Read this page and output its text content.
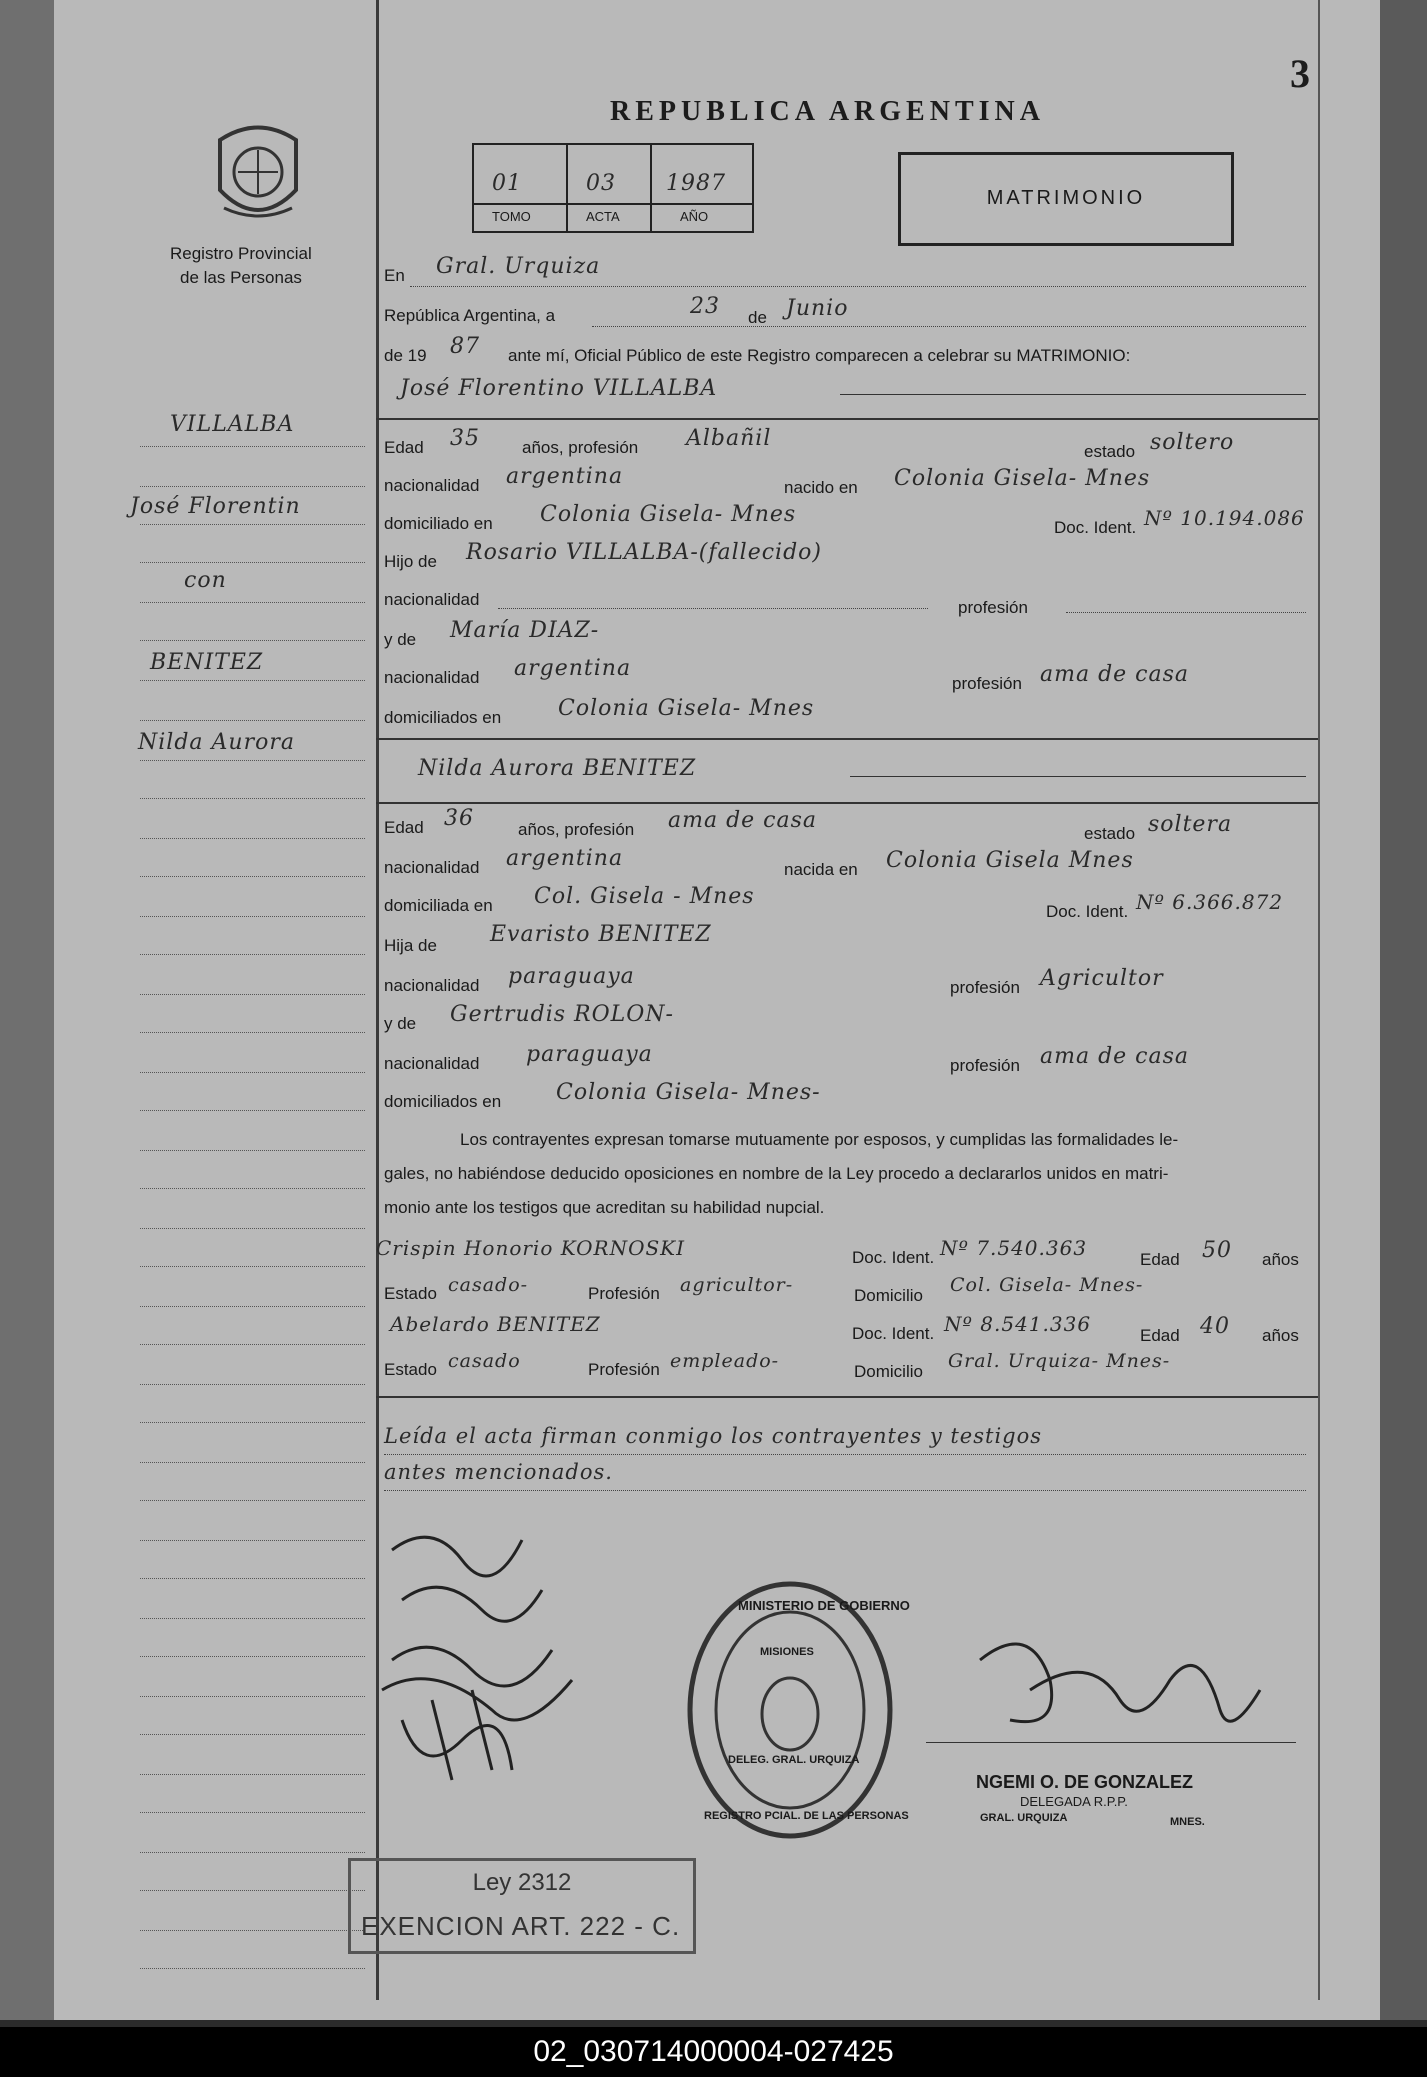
3
REPUBLICA ARGENTINA
Registro Provincial
de las Personas
01	03 1987
TOMO	ACTA	AÑO
MATRIMONIO
VILLALBA
José Florentin
con
BENITEZ
Nilda Aurora
En Gral. Urquiza
República Argentina, a	23 de Junio
de 19 87 ante mí, Oficial Público de este Registro comparecen a celebrar su MATRIMONIO:
José Florentino VILLALBA
Edad 35 años, profesión Albañil
estado soltero
nacionalidad argentina	nacido en Colonia Gisela- Mnes
domiciliado en Colonia Gisela- Mnes
Doc. Ident. Nº 10.194.086
Hijo de Rosario VILLALBA-(fallecido)
nacionalidad	profesión
y de María DIAZ-
nacionalidad argentina
profesión ama de casa
domiciliados en	Colonia Gisela- Mnes
Nilda Aurora BENITEZ
Edad 36	años, profesión ama de casa
estado soltera
nacionalidad argentina	nacida en Colonia Gisela Mnes
domiciliada en Col. Gisela - Mnes
Doc. Ident. Nº 6.366.872
Hija de Evaristo BENITEZ
nacionalidad paraguaya	profesión Agricultor
y de Gertrudis ROLON-
nacionalidad paraguaya	profesión ama de casa
domiciliados en Colonia Gisela- Mnes-
Los contrayentes expresan tomarse mutuamente por esposos, y cumplidas las formalidades le-
gales, no habiéndose deducido oposiciones en nombre de la Ley procedo a declararlos unidos en matri-
monio ante los testigos que acreditan su habilidad nupcial.
Crispin Honorio KORNOSKI	Doc. Ident. Nº 7.540.363	Edad 50 años
Estado casado-	Profesión agricultor-	Domicilio Col. Gisela- Mnes-
Abelardo BENITEZ	Doc. Ident. Nº 8.541.336	Edad 40 años
Estado casado	Profesión empleado-	Domicilio Gral. Urquiza- Mnes-
Leída el acta firman conmigo los contrayentes y testigos
antes mencionados.
MINISTERIO DE GOBIERNO
MISIONES
DELEG. GRAL. URQUIZA
REGISTRO PCIAL. DE LAS PERSONAS
NGEMI O. DE GONZALEZ
DELEGADA R.P.P.
GRAL. URQUIZA	MNES.
Ley 2312
EXENCION ART. 222 - C.
02_030714000004-027425
